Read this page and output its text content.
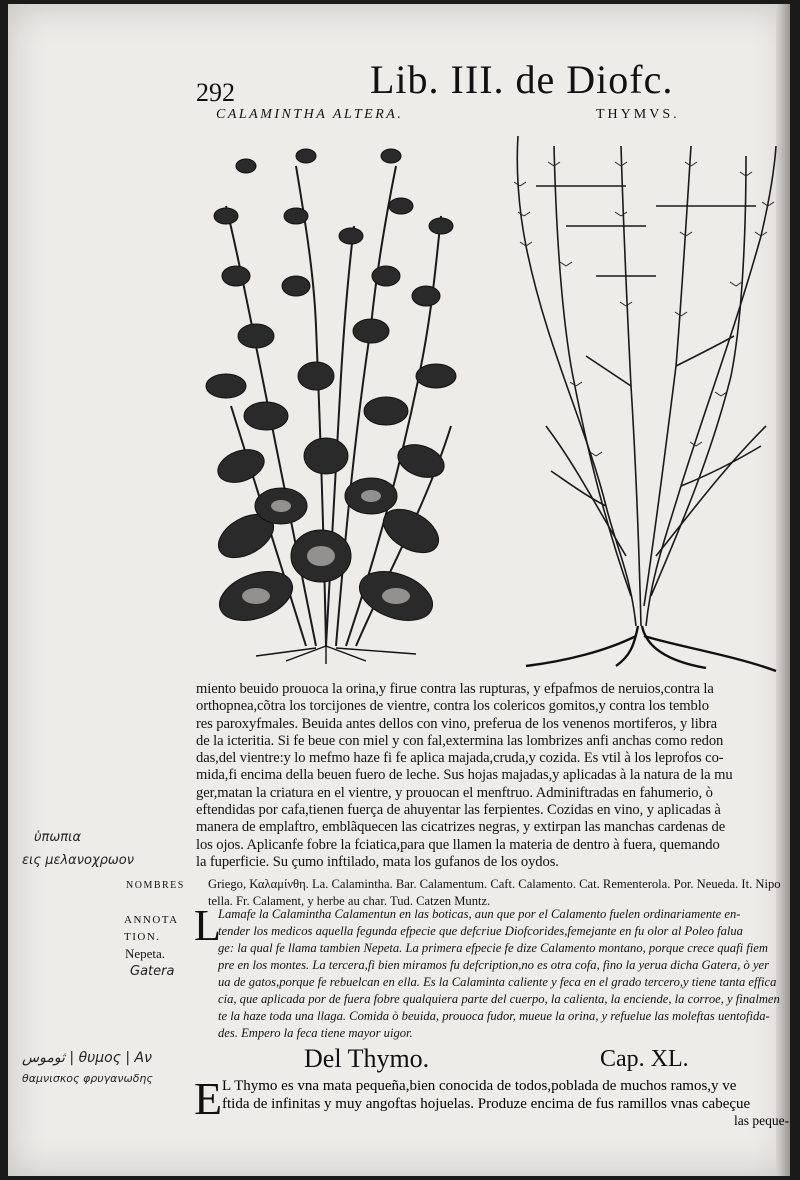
292	Lib. III. de Diofc.
CALAMINTHA ALTERA.	THYMVS.
miento beuido prouoca la orina,y firue contra las rupturas, y efpafmos de neruios,contra la
orthopnea,cõtra los torcijones de vientre, contra los colericos gomitos,y contra los temblo
res paroxyfmales. Beuida antes dellos con vino, preferua de los venenos mortiferos, y libra
de la icteritia. Si fe beue con miel y con fal,extermina las lombrizes anfi anchas como redon
das,del vientre:y lo mefmo haze fi fe aplica majada,cruda,y cozida. Es vtil à los leprofos co-
mida,fi encima della beuen fuero de leche. Sus hojas majadas,y aplicadas à la natura de la mu
ger,matan la criatura en el vientre, y prouocan el menftruo. Adminiftradas en fahumerio, ò
eftendidas por cafa,tienen fuerça de ahuyentar las ferpientes. Cozidas en vino, y aplicadas à
manera de emplaftro, emblãquecen las cicatrizes negras, y extirpan las manchas cardenas de
los ojos. Aplicanfe fobre la fciatica,para que llamen la materia de dentro à fuera, quemando
la fuperficie. Su çumo inftilado, mata los gufanos de los oydos.
ὑπωπια
εις μελανοχρωον
NOMBRES Griego, Καλαμίνθη. La. Calamintha. Bar. Calamentum. Caft. Calamento. Cat. Rementerola. Por. Neueda. It. Nipo
tella. Fr. Calament, y herbe au char. Tud. Catzen Muntz.
ANNOTA
TION.
Nepeta.
Gatera
L
Lamafe la Calamintha Calamentun en las boticas, aun que por el Calamento fuelen ordinariamente en-
tender los medicos aquella fegunda efpecie que defcriue Diofcorides,femejante en fu olor al Poleo falua
ge: la qual fe llama tambien Nepeta. La primera efpecie fe dize Calamento montano, porque crece quafi fiem
pre en los montes. La tercera,fi bien miramos fu defcription,no es otra cofa, fino la yerua dicha Gatera, ò yer
ua de gatos,porque fe rebuelcan en ella. Es la Calaminta caliente y feca en el grado tercero,y tiene tanta effica
cia, que aplicada por de fuera fobre qualquiera parte del cuerpo, la calienta, la enciende, la corroe, y finalmen
te la haze toda una llaga. Comida ò beuida, prouoca fudor, mueue la orina, y refuelue las moleftas uentofida-
des. Empero la feca tiene mayor uigor.
ثوموس | θυμος | Αν
θαμνισκος φρυγανωδης
Del Thymo.	Cap. XL.
E L Thymo es vna mata pequeña,bien conocida de todos,poblada de muchos ramos,y ve
ftida de infinitas y muy angoftas hojuelas. Produze encima de fus ramillos vnas cabeçue
las peque-
